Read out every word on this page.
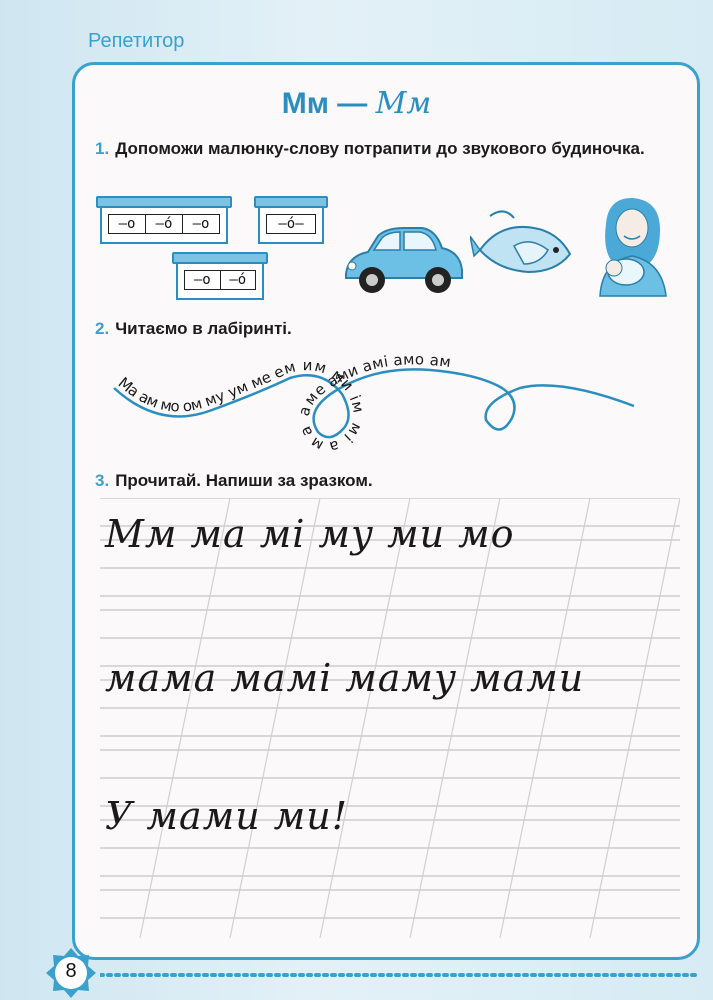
Репетитор
Мм — Мм
1. Допоможи малюнку-слову потрапити до звукового будиночка.
–о	–о́	–о	–о́–
–о	–о́
2. Читаємо в лабіринті.
Ма ам мо ом му ум ме ем им ми ім мі ама аме ами амі амо ам
3. Прочитай. Напиши за зразком.
Мм ма мі му ми мо
мама мамі маму мами
У мами ми!
8
